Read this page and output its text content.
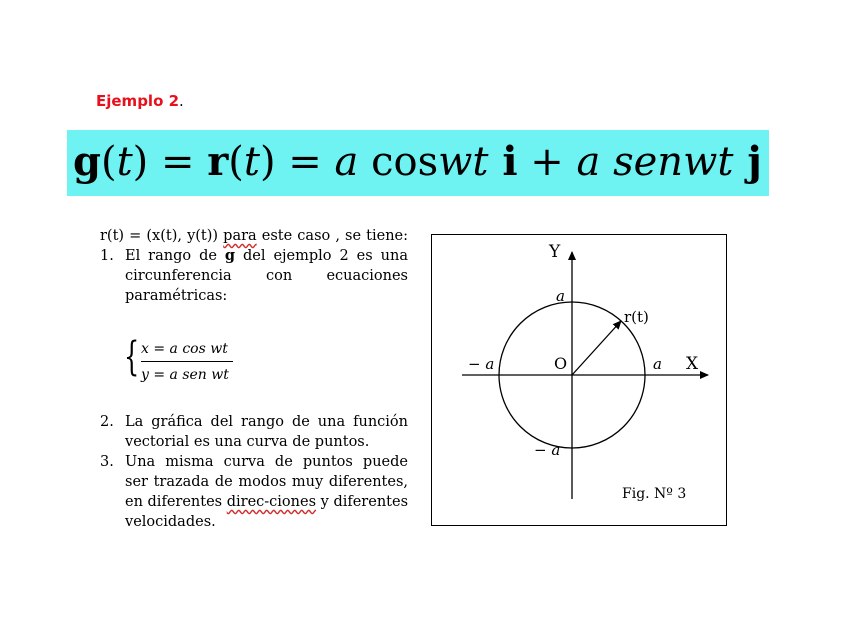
Ejemplo 2.
g(t) = r(t) = a coswt i + a senwt j

r(t) = (x(t), y(t)) para este caso , se tiene:

1. El rango de g del ejemplo 2 es una circunferencia con ecuaciones paramétricas:
{ x = a cos wt
y = a sen wt
2. La gráfica del rango de una función vectorial es una curva de puntos.
3. Una misma curva de puntos puede ser trazada de modos muy diferentes, en diferentes direc-ciones y diferentes velocidades.
Y
X
O
a
a
− a
− a
r(t)
Fig. Nº 3
